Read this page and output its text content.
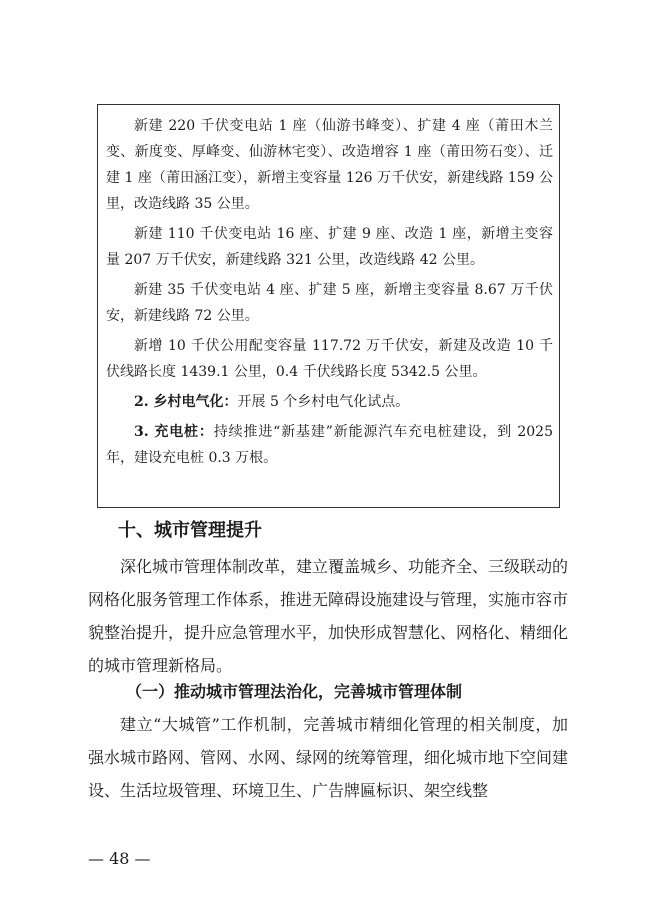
新建 220 千伏变电站 1 座（仙游书峰变）、扩建 4 座（莆田木兰变、新度变、厚峰变、仙游林宅变）、改造增容 1 座（莆田笏石变）、迁建 1 座（莆田涵江变），新增主变容量 126 万千伏安，新建线路 159 公里，改造线路 35 公里。

新建 110 千伏变电站 16 座、扩建 9 座、改造 1 座，新增主变容量 207 万千伏安，新建线路 321 公里，改造线路 42 公里。

新建 35 千伏变电站 4 座、扩建 5 座，新增主变容量 8.67 万千伏安，新建线路 72 公里。

新增 10 千伏公用配变容量 117.72 万千伏安，新建及改造 10 千伏线路长度 1439.1 公里，0.4 千伏线路长度 5342.5 公里。

2. 乡村电气化：开展 5 个乡村电气化试点。

3. 充电桩：持续推进“新基建”新能源汽车充电桩建设，到 2025 年，建设充电桩 0.3 万根。

十、城市管理提升

深化城市管理体制改革，建立覆盖城乡、功能齐全、三级联动的网格化服务管理工作体系，推进无障碍设施建设与管理，实施市容市貌整治提升，提升应急管理水平，加快形成智慧化、网格化、精细化的城市管理新格局。

（一）推动城市管理法治化，完善城市管理体制

建立“大城管”工作机制，完善城市精细化管理的相关制度，加强水城市路网、管网、水网、绿网的统筹管理，细化城市地下空间建设、生活垃圾管理、环境卫生、广告牌匾标识、架空线整

— 48 —
